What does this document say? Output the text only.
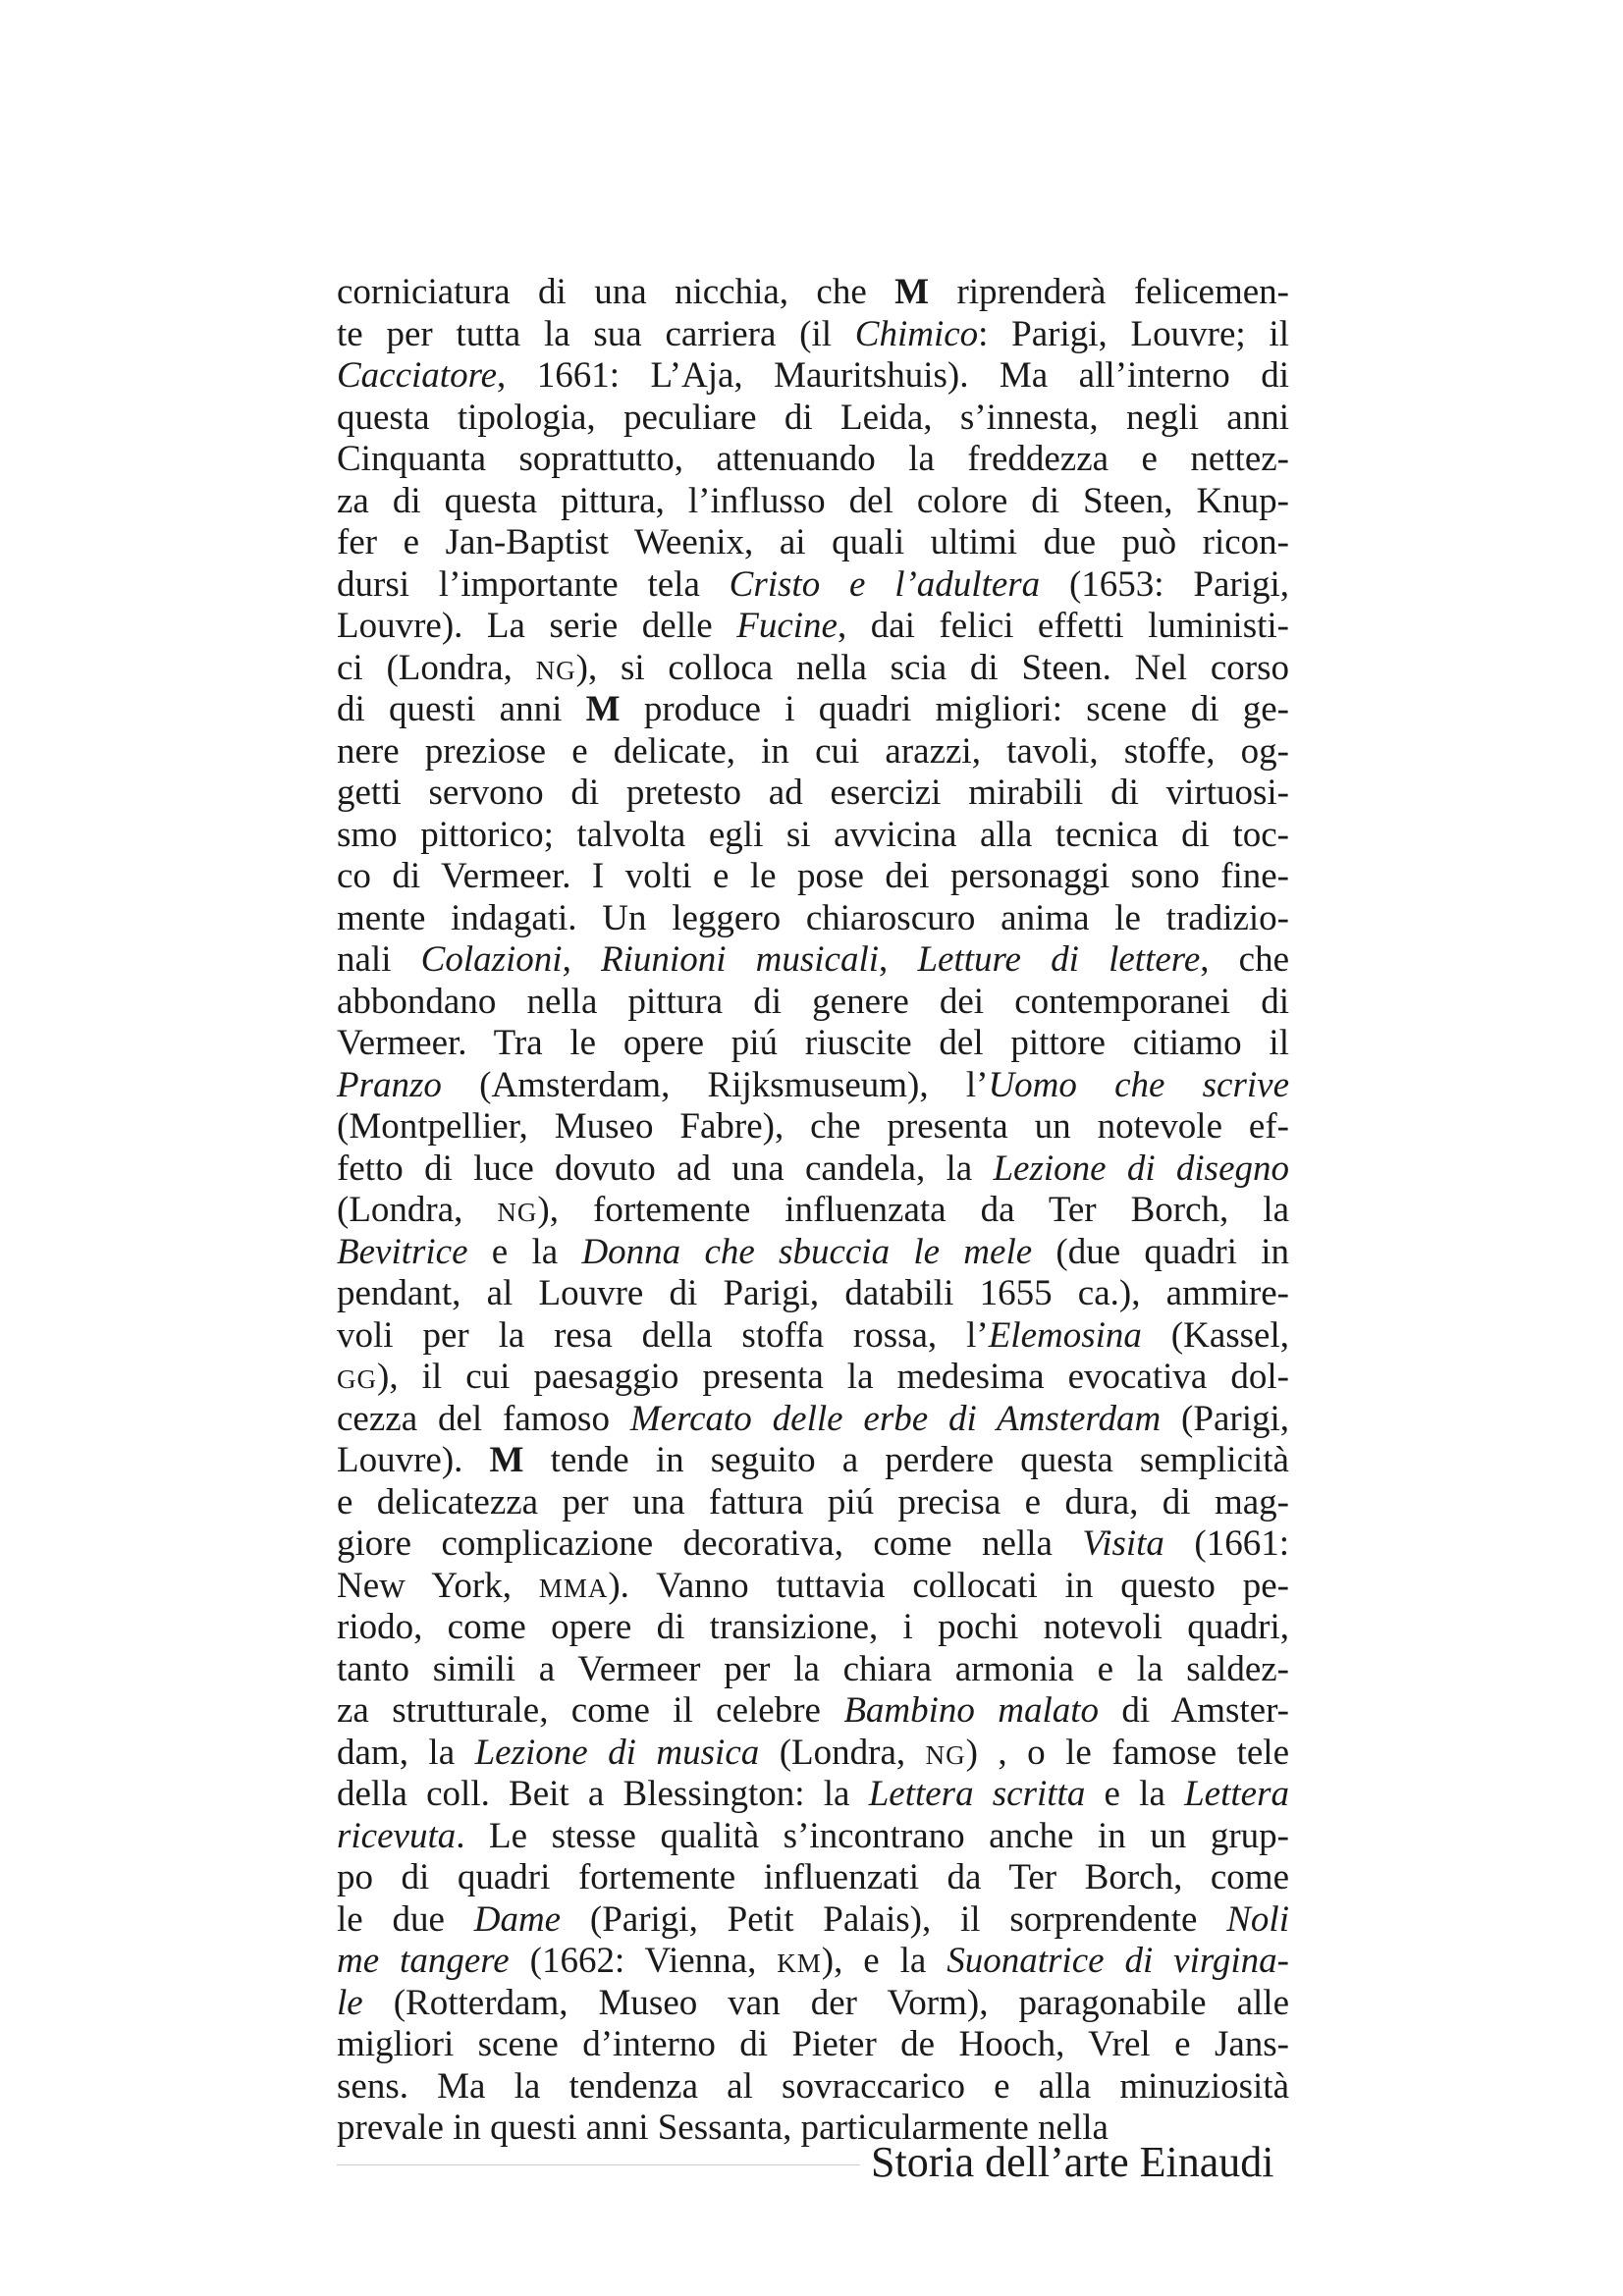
corniciatura di una nicchia, che M riprenderà felicemen-
te per tutta la sua carriera (il Chimico: Parigi, Louvre; il
Cacciatore, 1661: L’Aja, Mauritshuis). Ma all’interno di
questa tipologia, peculiare di Leida, s’innesta, negli anni
Cinquanta soprattutto, attenuando la freddezza e nettez-
za di questa pittura, l’influsso del colore di Steen, Knup-
fer e Jan-Baptist Weenix, ai quali ultimi due può ricon-
dursi l’importante tela Cristo e l’adultera (1653: Parigi,
Louvre). La serie delle Fucine, dai felici effetti luministi-
ci (Londra, NG), si colloca nella scia di Steen. Nel corso
di questi anni M produce i quadri migliori: scene di ge-
nere preziose e delicate, in cui arazzi, tavoli, stoffe, og-
getti servono di pretesto ad esercizi mirabili di virtuosi-
smo pittorico; talvolta egli si avvicina alla tecnica di toc-
co di Vermeer. I volti e le pose dei personaggi sono fine-
mente indagati. Un leggero chiaroscuro anima le tradizio-
nali Colazioni, Riunioni musicali, Letture di lettere, che
abbondano nella pittura di genere dei contemporanei di
Vermeer. Tra le opere piú riuscite del pittore citiamo il
Pranzo (Amsterdam, Rijksmuseum), l’Uomo che scrive
(Montpellier, Museo Fabre), che presenta un notevole ef-
fetto di luce dovuto ad una candela, la Lezione di disegno
(Londra, NG), fortemente influenzata da Ter Borch, la
Bevitrice e la Donna che sbuccia le mele (due quadri in
pendant, al Louvre di Parigi, databili 1655 ca.), ammire-
voli per la resa della stoffa rossa, l’Elemosina (Kassel,
GG), il cui paesaggio presenta la medesima evocativa dol-
cezza del famoso Mercato delle erbe di Amsterdam (Parigi,
Louvre). M tende in seguito a perdere questa semplicità
e delicatezza per una fattura piú precisa e dura, di mag-
giore complicazione decorativa, come nella Visita (1661:
New York, MMA). Vanno tuttavia collocati in questo pe-
riodo, come opere di transizione, i pochi notevoli quadri,
tanto simili a Vermeer per la chiara armonia e la saldez-
za strutturale, come il celebre Bambino malato di Amster-
dam, la Lezione di musica (Londra, NG) , o le famose tele
della coll. Beit a Blessington: la Lettera scritta e la Lettera
ricevuta. Le stesse qualità s’incontrano anche in un grup-
po di quadri fortemente influenzati da Ter Borch, come
le due Dame (Parigi, Petit Palais), il sorprendente Noli
me tangere (1662: Vienna, KM), e la Suonatrice di virgina-
le (Rotterdam, Museo van der Vorm), paragonabile alle
migliori scene d’interno di Pieter de Hooch, Vrel e Jans-
sens. Ma la tendenza al sovraccarico e alla minuziosità
prevale in questi anni Sessanta, particularmente nella
Storia dell’arte Einaudi
